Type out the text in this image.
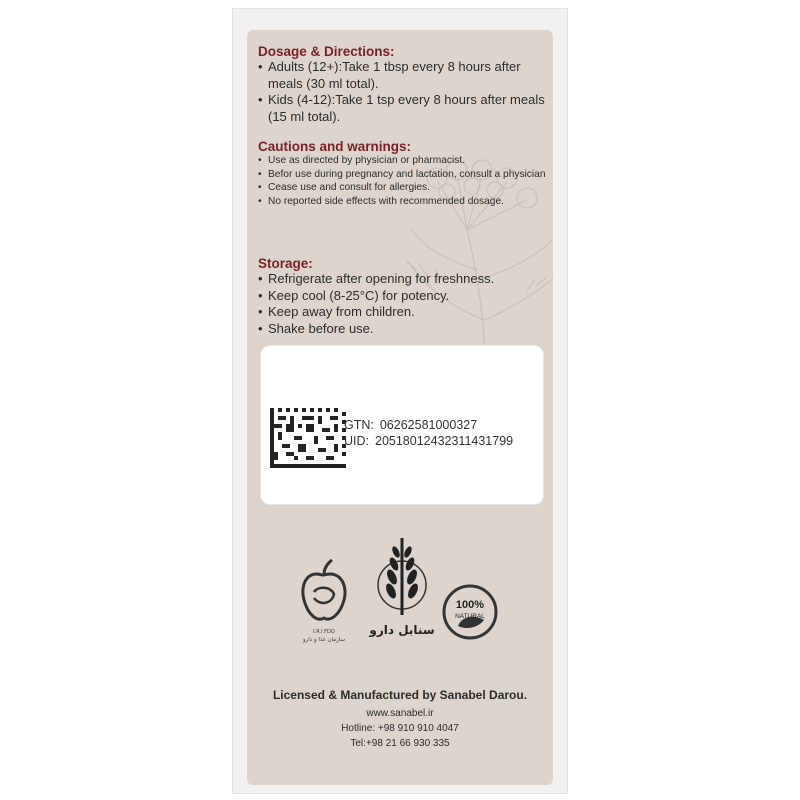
Dosage & Directions:

• Adults (12+):Take 1 tbsp every 8 hours after meals (30 ml total).
• Kids (4-12):Take 1 tsp every 8 hours after meals (15 ml total).

Cautions and warnings:

• Use as directed by physician or pharmacist.
• Befor use during pregnancy and lactation, consult a physician
• Cease use and consult for allergies.
• No reported side effects with recommended dosage.

Storage:

• Refrigerate after opening for freshness.
• Keep cool (8-25°C) for potency.
• Keep away from children.
• Shake before use.
GTN: 06262581000327
UID: 20518012432311431799
I.R.I.FDO
سازمان غذا و دارو
سنابل دارو
100%
NATURAL
Licensed & Manufactured by Sanabel Darou.
www.sanabel.ir
Hotline: +98 910 910 4047
Tel:+98 21 66 930 335
